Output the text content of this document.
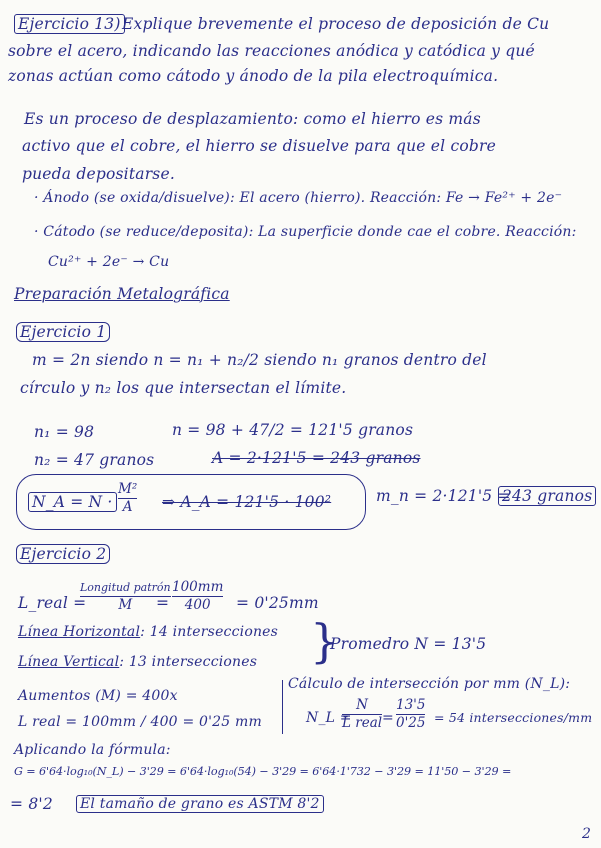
Ejercicio 13) Explique brevemente el proceso de deposición de Cu
sobre el acero, indicando las reacciones anódica y catódica y qué
zonas actúan como cátodo y ánodo de la pila electroquímica.
Es un proceso de desplazamiento: como el hierro es más
activo que el cobre, el hierro se disuelve para que el cobre
pueda depositarse.
· Ánodo (se oxida/disuelve): El acero (hierro). Reacción: Fe → Fe²⁺ + 2e⁻
· Cátodo (se reduce/deposita): La superficie donde cae el cobre. Reacción:
Cu²⁺ + 2e⁻ → Cu
Preparación Metalográfica
Ejercicio 1
m = 2n siendo n = n₁ + n₂/2 siendo n₁ granos dentro del
círculo y n₂ los que intersectan el límite.
n₁ = 98
n₂ = 47 granos
n = 98 + 47/2 = 121'5 granos
A = 2·121'5 = 243 granos
N_A = N ·
M²
A ⇒ A_A = 121'5 · 100²	m_n = 2·121'5 =
243 granos
Ejercicio 2
L_real =
Longitud patrón
M =
100mm
400 = 0'25mm
Línea Horizontal: 14 intersecciones
Línea Vertical: 13 intersecciones }
Promedro N = 13'5
Aumentos (M) = 400x
L real = 100mm / 400 = 0'25 mm
Cálculo de intersección por mm (N_L):
N_L =
N
L real =
13'5
0'25 = 54 intersecciones/mm
Aplicando la fórmula:
G = 6'64·log₁₀(N_L) − 3'29 = 6'64·log₁₀(54) − 3'29 = 6'64·1'732 − 3'29 = 11'50 − 3'29 =
= 8'2 El tamaño de grano es ASTM 8'2
2
